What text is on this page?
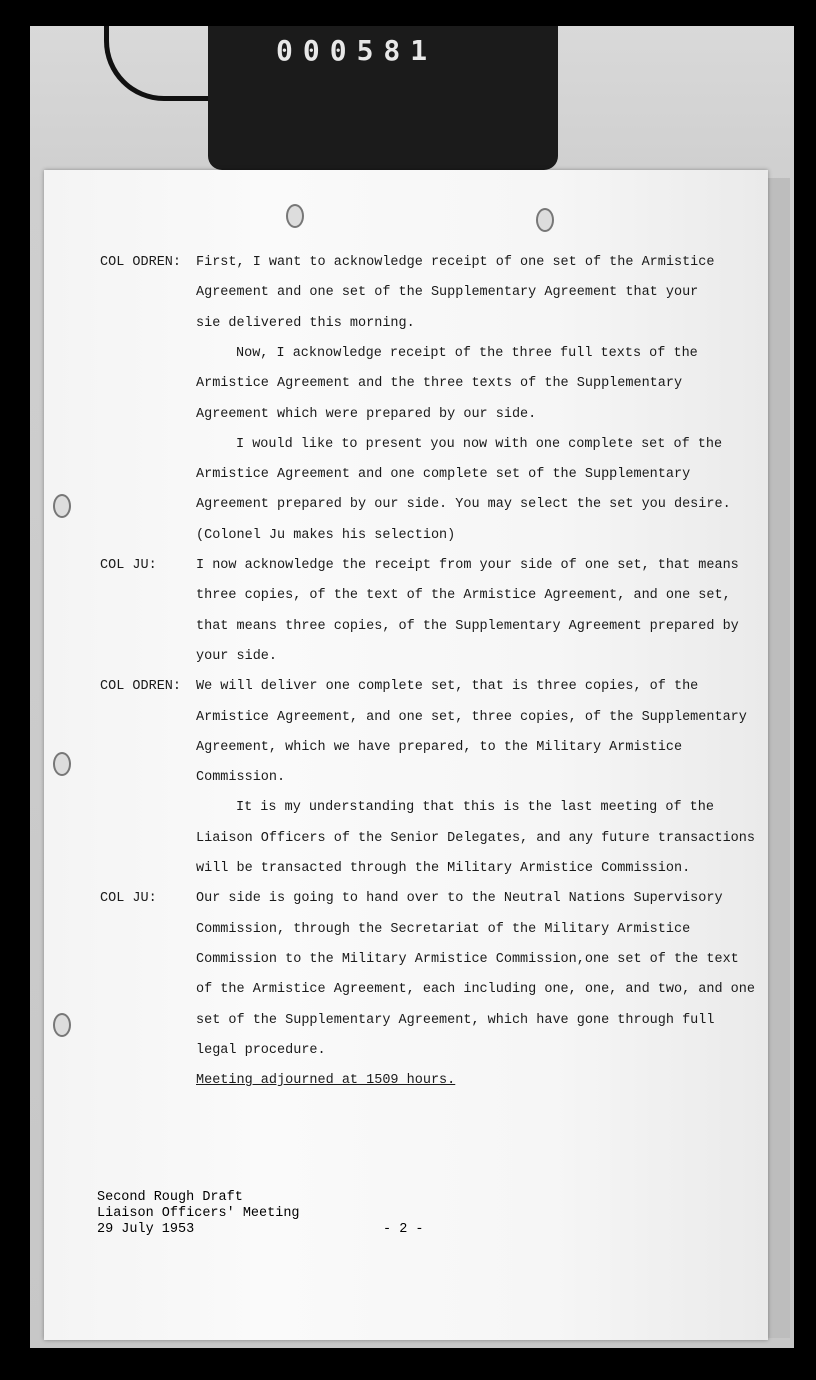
000581
COL ODREN: First, I want to acknowledge receipt of one set of the Armistice
Agreement and one set of the Supplementary Agreement that your
sie delivered this morning.
Now, I acknowledge receipt of the three full texts of the
Armistice Agreement and the three texts of the Supplementary
Agreement which were prepared by our side.
I would like to present you now with one complete set of the
Armistice Agreement and one complete set of the Supplementary
Agreement prepared by our side. You may select the set you desire.
(Colonel Ju makes his selection)
COL JU:	I now acknowledge the receipt from your side of one set, that means
three copies, of the text of the Armistice Agreement, and one set,
that means three copies, of the Supplementary Agreement prepared by
your side.
COL ODREN: We will deliver one complete set, that is three copies, of the
Armistice Agreement, and one set, three copies, of the Supplementary
Agreement, which we have prepared, to the Military Armistice
Commission.
It is my understanding that this is the last meeting of the
Liaison Officers of the Senior Delegates, and any future transactions
will be transacted through the Military Armistice Commission.
COL JU:	Our side is going to hand over to the Neutral Nations Supervisory
Commission, through the Secretariat of the Military Armistice
Commission to the Military Armistice Commission,one set of the text
of the Armistice Agreement, each including one, one, and two, and one
set of the Supplementary Agreement, which have gone through full
legal procedure.
Meeting adjourned at 1509 hours.
Second Rough Draft
Liaison Officers' Meeting
29 July 1953	- 2 -
